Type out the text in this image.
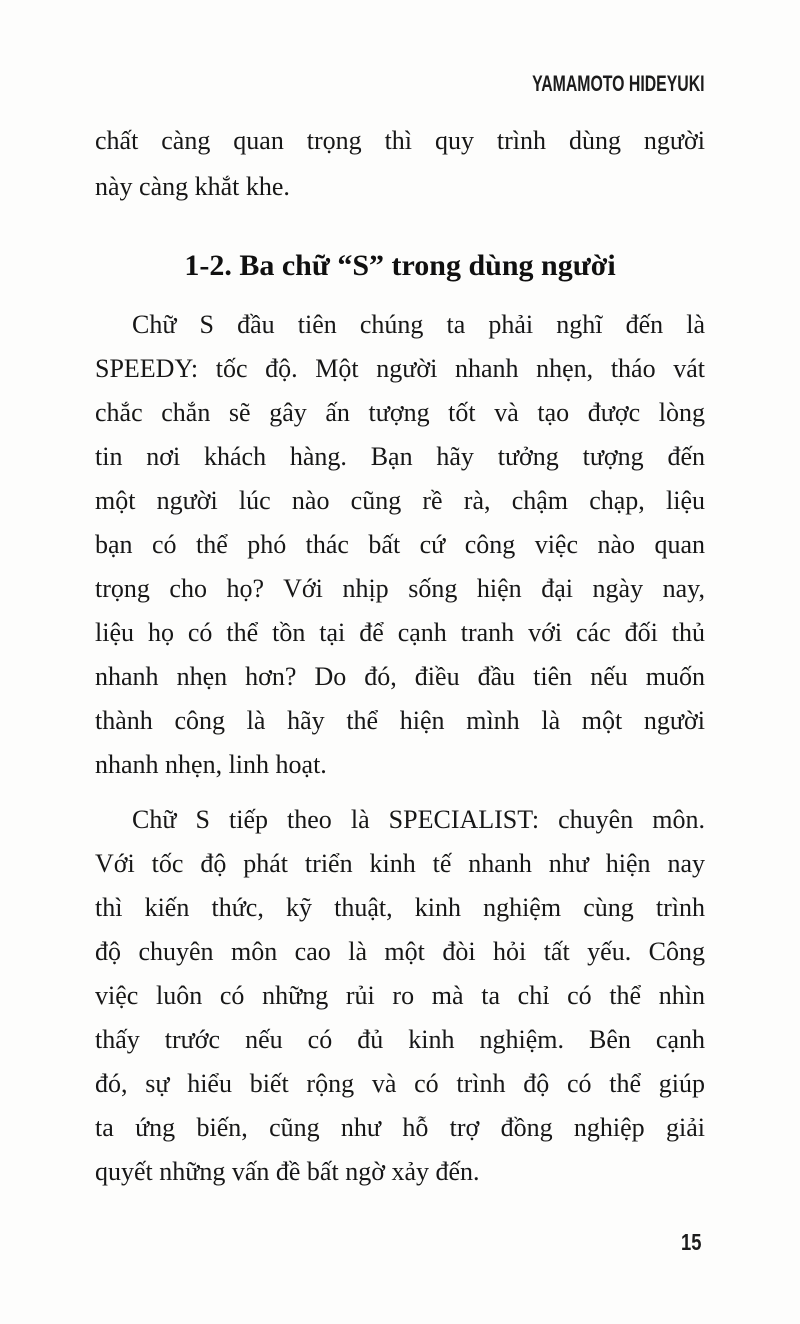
YAMAMOTO HIDEYUKI
chất càng quan trọng thì quy trình dùng người
này càng khắt khe.
1-2. Ba chữ “S” trong dùng người
Chữ S đầu tiên chúng ta phải nghĩ đến là
SPEEDY: tốc độ. Một người nhanh nhẹn, tháo vát
chắc chắn sẽ gây ấn tượng tốt và tạo được lòng
tin nơi khách hàng. Bạn hãy tưởng tượng đến
một người lúc nào cũng rề rà, chậm chạp, liệu
bạn có thể phó thác bất cứ công việc nào quan
trọng cho họ? Với nhịp sống hiện đại ngày nay,
liệu họ có thể tồn tại để cạnh tranh với các đối thủ
nhanh nhẹn hơn? Do đó, điều đầu tiên nếu muốn
thành công là hãy thể hiện mình là một người
nhanh nhẹn, linh hoạt.
Chữ S tiếp theo là SPECIALIST: chuyên môn.
Với tốc độ phát triển kinh tế nhanh như hiện nay
thì kiến thức, kỹ thuật, kinh nghiệm cùng trình
độ chuyên môn cao là một đòi hỏi tất yếu. Công
việc luôn có những rủi ro mà ta chỉ có thể nhìn
thấy trước nếu có đủ kinh nghiệm. Bên cạnh
đó, sự hiểu biết rộng và có trình độ có thể giúp
ta ứng biến, cũng như hỗ trợ đồng nghiệp giải
quyết những vấn đề bất ngờ xảy đến.
15
